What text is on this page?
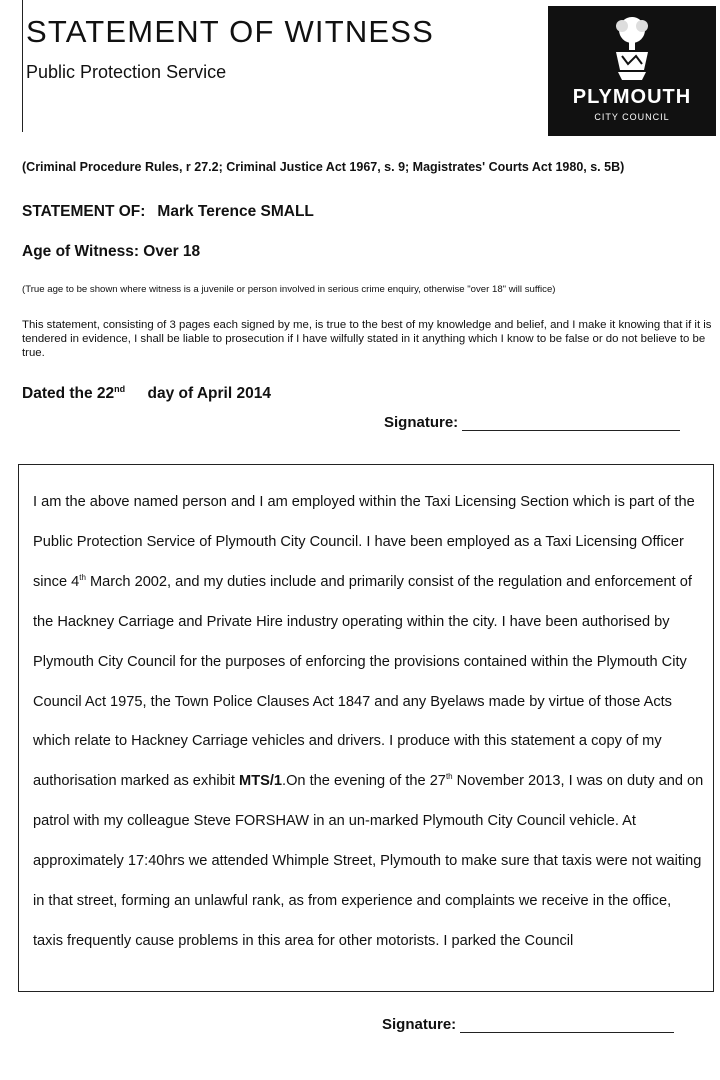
STATEMENT OF WITNESS
Public Protection Service
PLYMOUTH
CITY COUNCIL
(Criminal Procedure Rules, r 27.2; Criminal Justice Act 1967, s. 9; Magistrates' Courts Act 1980, s. 5B)
STATEMENT OF: Mark Terence SMALL
Age of Witness: Over 18
(True age to be shown where witness is a juvenile or person involved in serious crime enquiry, otherwise "over 18" will suffice)
This statement, consisting of 3 pages each signed by me, is true to the best of my knowledge and belief, and I make it knowing that if it is tendered in evidence, I shall be liable to prosecution if I have wilfully stated in it anything which I know to be false or do not believe to be true.
Dated the 22nd day of April 2014
Signature:
I am the above named person and I am employed within the Taxi Licensing Section which is part of the Public Protection Service of Plymouth City Council. I have been employed as a Taxi Licensing Officer since 4th March 2002, and my duties include and primarily consist of the regulation and enforcement of the Hackney Carriage and Private Hire industry operating within the city. I have been authorised by Plymouth City Council for the purposes of enforcing the provisions contained within the Plymouth City Council Act 1975, the Town Police Clauses Act 1847 and any Byelaws made by virtue of those Acts which relate to Hackney Carriage vehicles and drivers. I produce with this statement a copy of my authorisation marked as exhibit MTS/1.On the evening of the 27th November 2013, I was on duty and on patrol with my colleague Steve FORSHAW in an un-marked Plymouth City Council vehicle. At approximately 17:40hrs we attended Whimple Street, Plymouth to make sure that taxis were not waiting in that street, forming an unlawful rank, as from experience and complaints we receive in the office, taxis frequently cause problems in this area for other motorists. I parked the Council
Signature:
